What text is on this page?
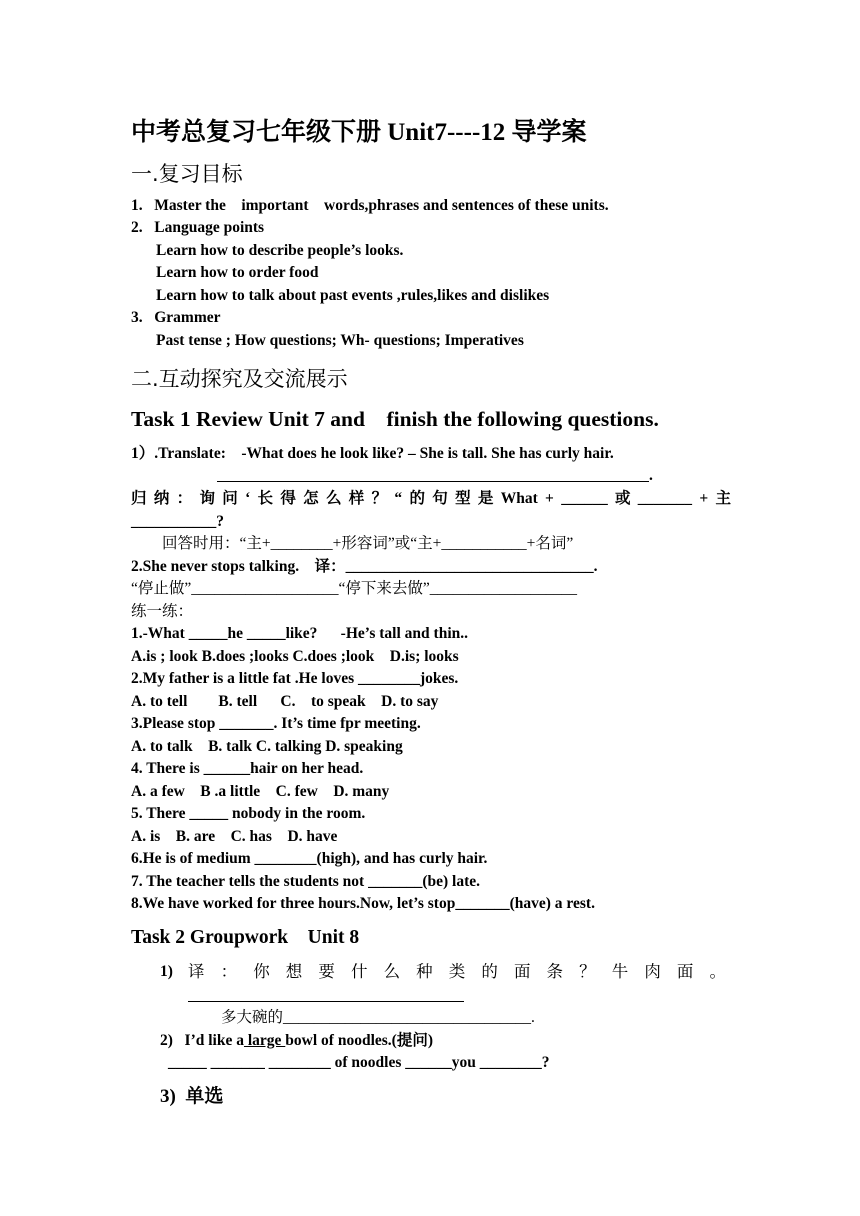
中考总复习七年级下册 Unit7----12 导学案
一.复习目标
1.   Master the    important    words,phrases and sentences of these units.
2.   Language points
Learn how to describe people’s looks.
Learn how to order food
Learn how to talk about past events ,rules,likes and dislikes
3.   Grammer
Past tense ; How questions; Wh- questions; Imperatives
二.互动探究及交流展示
Task 1 Review Unit 7 and    finish the following questions.
1）.Translate:    -What does he look like? – She is tall. She has curly hair.
.
归 纳 ： 询 问 ‘ 长 得 怎 么 样 ？ “ 的 句 型 是 What + ______ 或 _______ + 主
___________?
回答时用：“主+________+形容词”或“主+___________+名词”
2.She never stops talking.    译：________________________________.
“停止做”___________________“停下来去做”___________________
练一练：
1.-What _____he _____like?      -He’s tall and thin..
A.is ; look B.does ;looks C.does ;look    D.is; looks
2.My father is a little fat .He loves ________jokes.
A. to tell        B. tell      C.    to speak    D. to say
3.Please stop _______. It’s time fpr meeting.
A. to talk    B. talk C. talking D. speaking
4. There is ______hair on her head.
A. a few    B .a little    C. few    D. many
5. There _____ nobody in the room.
A. is    B. are    C. has    D. have
6.He is of medium ________(high), and has curly hair.
7. The teacher tells the students not _______(be) late.
8.We have worked for three hours.Now, let’s stop_______(have) a rest.
Task 2 Groupwork    Unit 8
1) 译 ： 你 想 要 什 么 种 类 的 面 条 ？ 牛 肉 面 。
多大碗的________________________________.
2)   I’d like a large bowl of noodles.(提问)
_____ _______ ________ of noodles ______you ________?
3)  单选
